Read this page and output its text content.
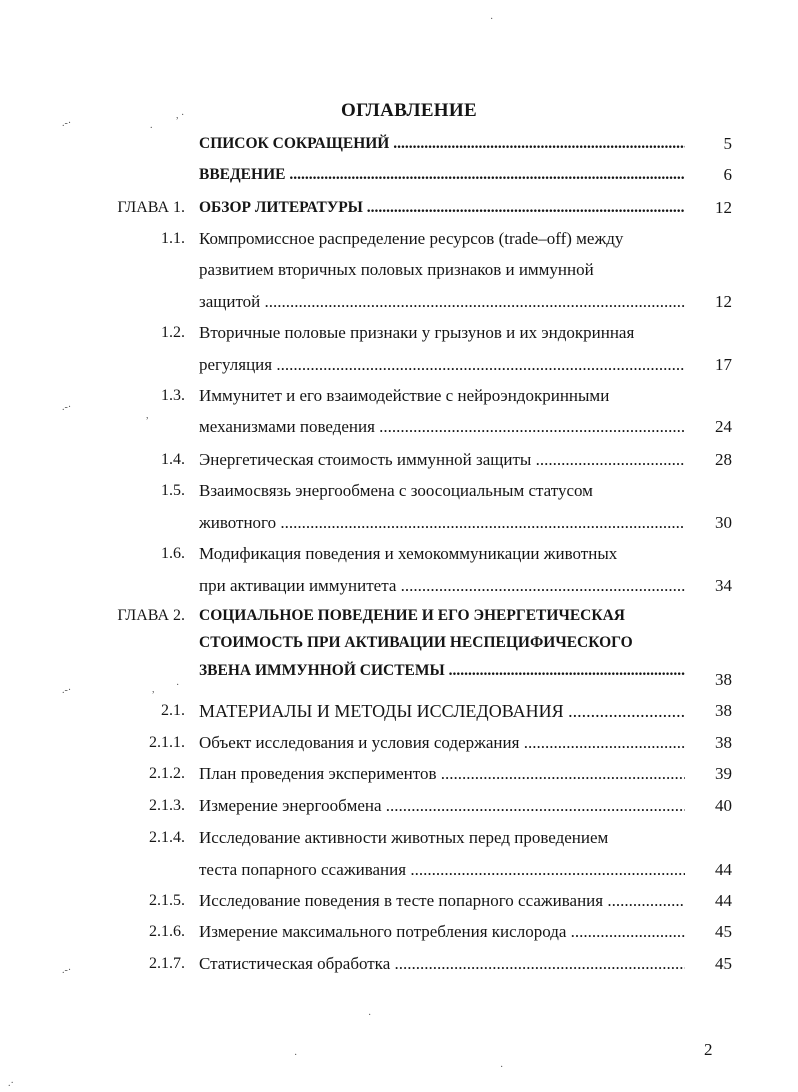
·
.-·	.
, ·
.-·
,
.-·	, ·
.-·
·
·
·
.·
ОГЛАВЛЕНИЕ
СПИСОК СОКРАЩЕНИЙ .....	5
ВВЕДЕНИЕ .....	6
ГЛАВА 1. ОБЗОР ЛИТЕРАТУРЫ .....	12
1.1. Компромиссное распределение ресурсов (trade–off) между
развитием вторичных половых признаков и иммунной
защитой .....	12
1.2. Вторичные половые признаки у грызунов и их эндокринная
регуляция .....	17
1.3. Иммунитет и его взаимодействие с нейроэндокринными
механизмами поведения .....	24
1.4. Энергетическая стоимость иммунной защиты .....	28
1.5. Взаимосвязь энергообмена с зоосоциальным статусом
животного .....	30
1.6. Модификация поведения и хемокоммуникации животных
при активации иммунитета .....	34
ГЛАВА 2. СОЦИАЛЬНОЕ ПОВЕДЕНИЕ И ЕГО ЭНЕРГЕТИЧЕСКАЯ
СТОИМОСТЬ ПРИ АКТИВАЦИИ НЕСПЕЦИФИЧЕСКОГО
ЗВЕНА ИММУННОЙ СИСТЕМЫ .....	38
2.1. МАТЕРИАЛЫ И МЕТОДЫ ИССЛЕДОВАНИЯ .....	38
2.1.1. Объект исследования и условия содержания .....	38
2.1.2. План проведения экспериментов .....	39
2.1.3. Измерение энергообмена .....	40
2.1.4. Исследование активности животных перед проведением
теста попарного ссаживания .....	44
2.1.5. Исследование поведения в тесте попарного ссаживания .....	44
2.1.6. Измерение максимального потребления кислорода .....	45
2.1.7. Статистическая обработка .....	45
2
